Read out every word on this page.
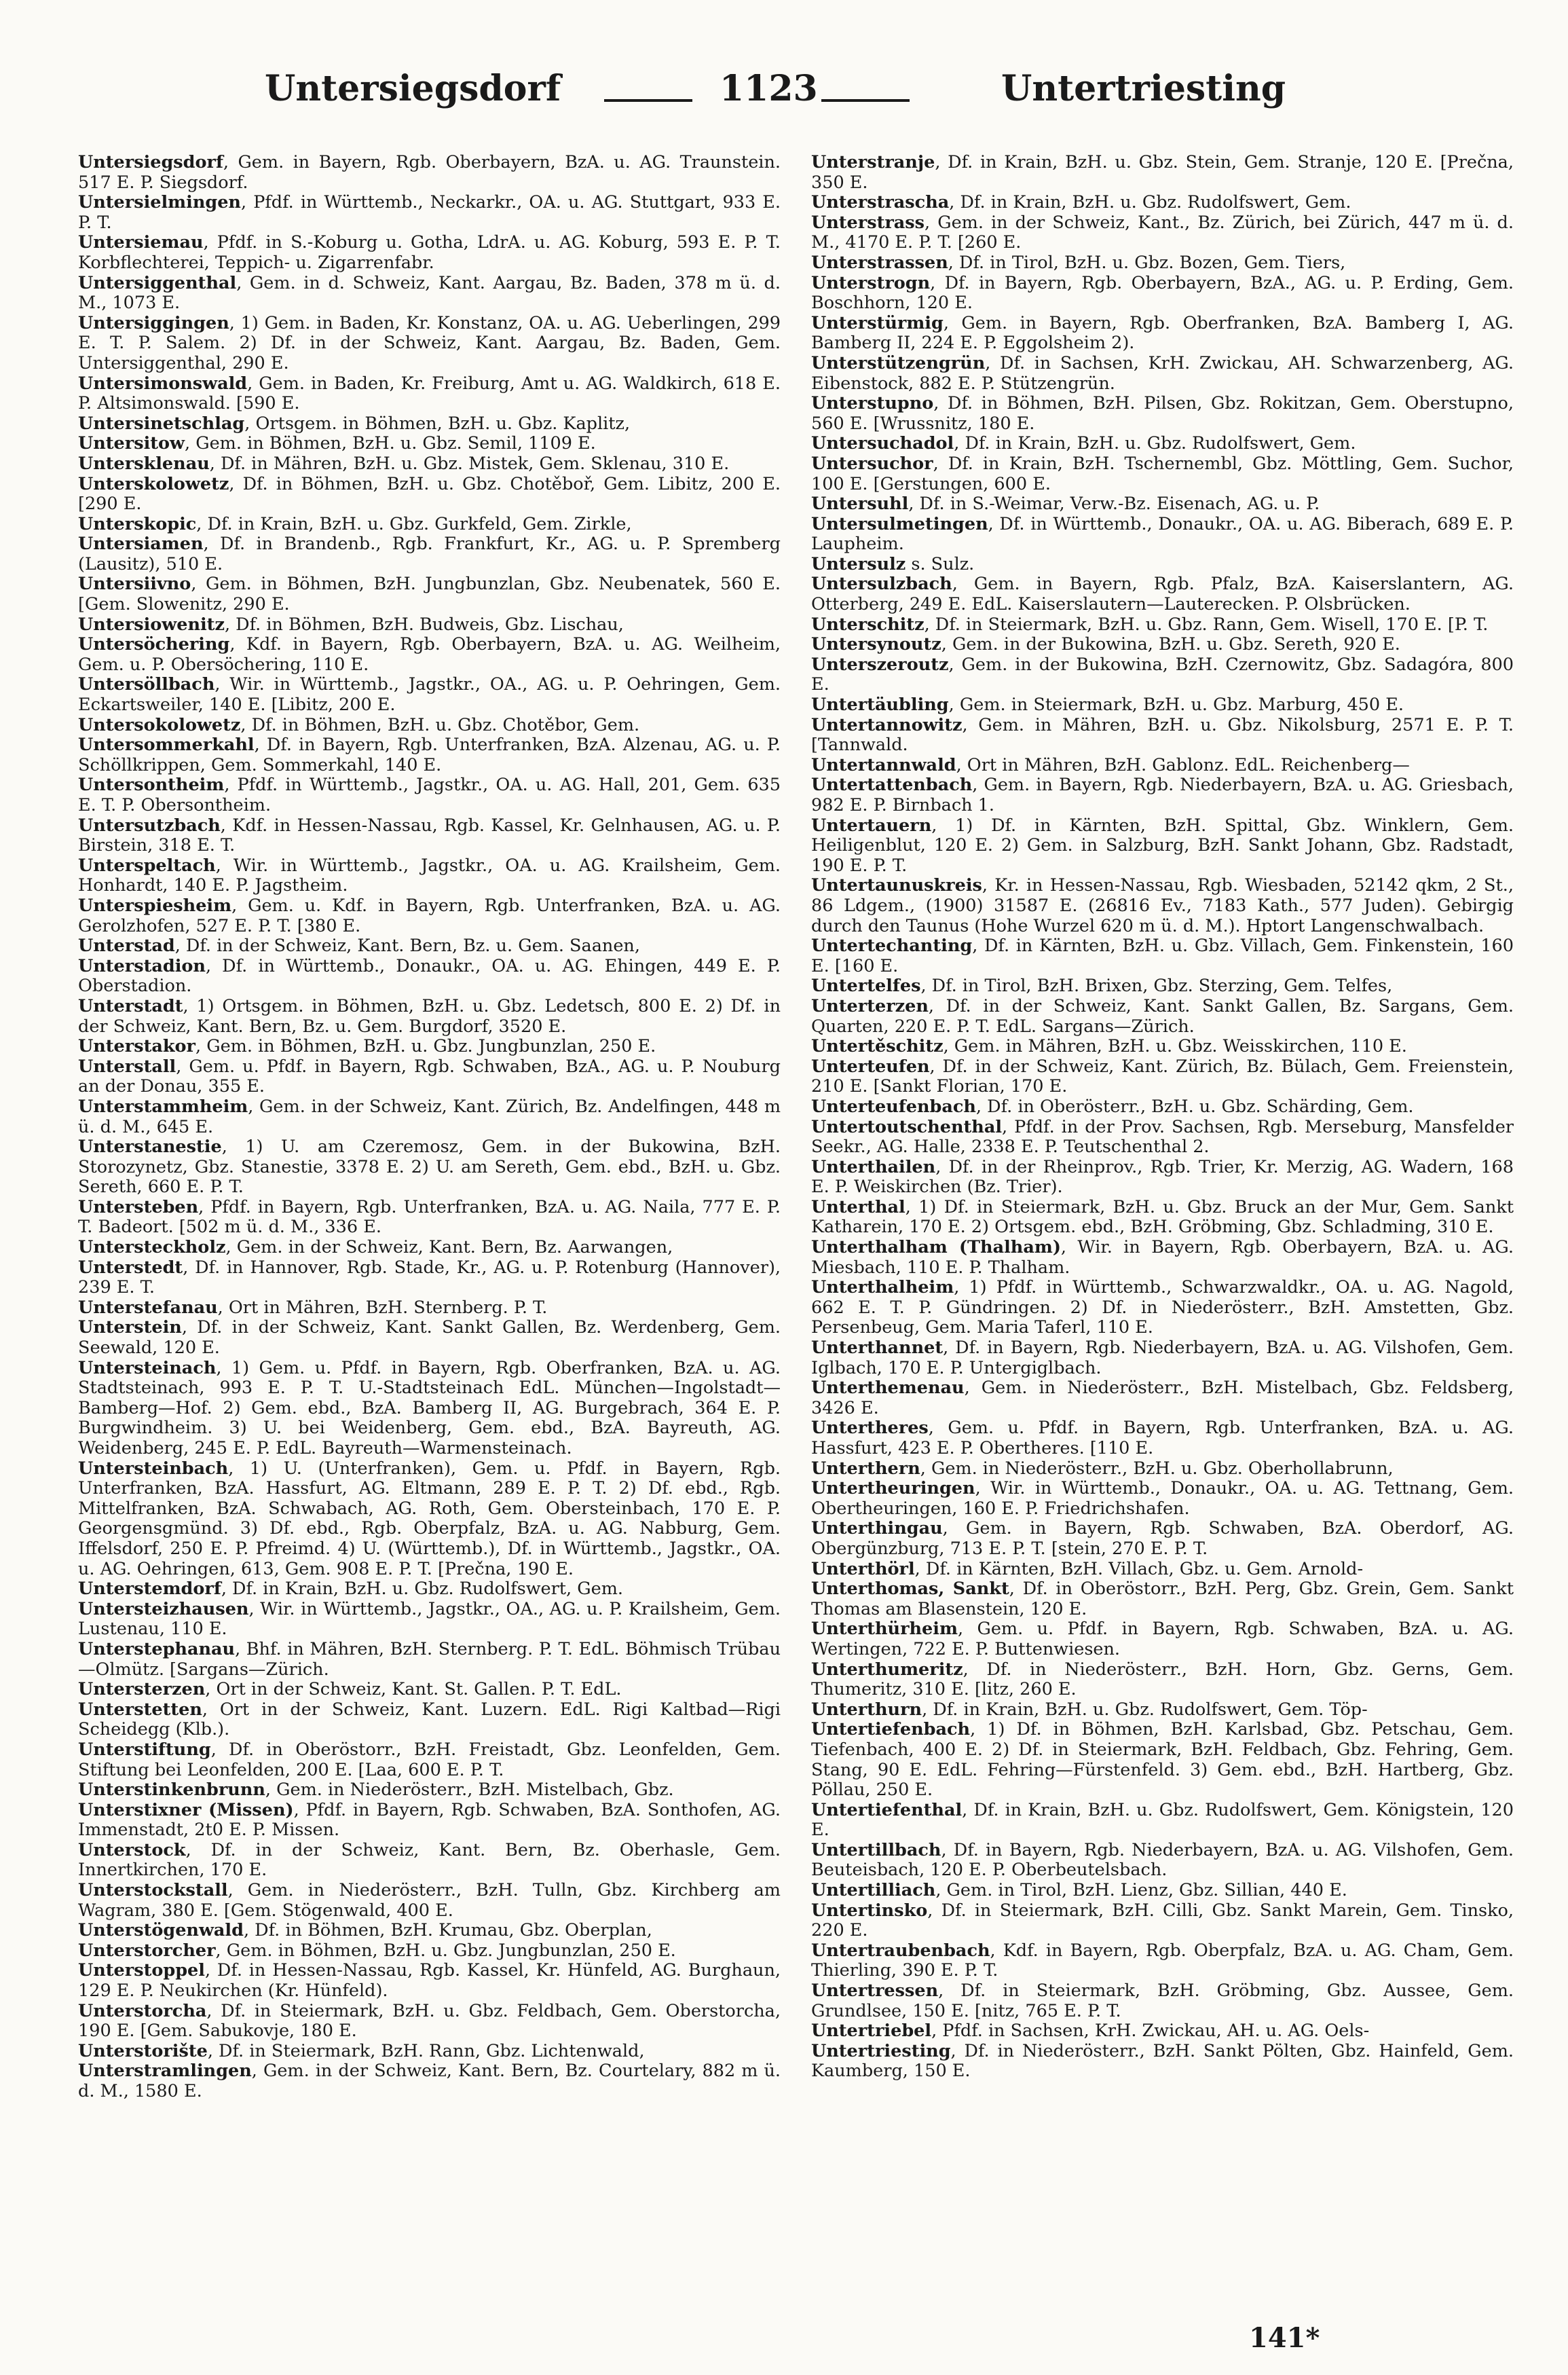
Untersiegsdorf	1123	Untertriesting

Untersiegsdorf, Gem. in Bayern, Rgb. Oberbayern, BzA. u. AG. Traunstein. 517 E. P. Siegsdorf.

Untersielmingen, Pfdf. in Württemb., Neckarkr., OA. u. AG. Stuttgart, 933 E. P. T.

Untersiemau, Pfdf. in S.-Koburg u. Gotha, LdrA. u. AG. Koburg, 593 E. P. T. Korbflechterei, Teppich- u. Zigarrenfabr.

Untersiggenthal, Gem. in d. Schweiz, Kant. Aargau, Bz. Baden, 378 m ü. d. M., 1073 E.

Untersiggingen, 1) Gem. in Baden, Kr. Konstanz, OA. u. AG. Ueberlingen, 299 E. T. P. Salem. 2) Df. in der Schweiz, Kant. Aargau, Bz. Baden, Gem. Untersiggenthal, 290 E.

Untersimonswald, Gem. in Baden, Kr. Freiburg, Amt u. AG. Waldkirch, 618 E. P. Altsimonswald. [590 E.

Untersinetschlag, Ortsgem. in Böhmen, BzH. u. Gbz. Kaplitz,

Untersitow, Gem. in Böhmen, BzH. u. Gbz. Semil, 1109 E.

Untersklenau, Df. in Mähren, BzH. u. Gbz. Mistek, Gem. Sklenau, 310 E.

Unterskolowetz, Df. in Böhmen, BzH. u. Gbz. Chotěboř, Gem. Libitz, 200 E. [290 E.

Unterskopic, Df. in Krain, BzH. u. Gbz. Gurkfeld, Gem. Zirkle,

Untersiamen, Df. in Brandenb., Rgb. Frankfurt, Kr., AG. u. P. Spremberg (Lausitz), 510 E.

Untersiivno, Gem. in Böhmen, BzH. Jungbunzlan, Gbz. Neubenatek, 560 E. [Gem. Slowenitz, 290 E.

Untersiowenitz, Df. in Böhmen, BzH. Budweis, Gbz. Lischau,

Untersöchering, Kdf. in Bayern, Rgb. Oberbayern, BzA. u. AG. Weilheim, Gem. u. P. Obersöchering, 110 E.

Untersöllbach, Wir. in Württemb., Jagstkr., OA., AG. u. P. Oehringen, Gem. Eckartsweiler, 140 E. [Libitz, 200 E.

Untersokolowetz, Df. in Böhmen, BzH. u. Gbz. Chotěbor, Gem.

Untersommerkahl, Df. in Bayern, Rgb. Unterfranken, BzA. Alzenau, AG. u. P. Schöllkrippen, Gem. Sommerkahl, 140 E.

Untersontheim, Pfdf. in Württemb., Jagstkr., OA. u. AG. Hall, 201, Gem. 635 E. T. P. Obersontheim.

Untersutzbach, Kdf. in Hessen-Nassau, Rgb. Kassel, Kr. Gelnhausen, AG. u. P. Birstein, 318 E. T.

Unterspeltach, Wir. in Württemb., Jagstkr., OA. u. AG. Krailsheim, Gem. Honhardt, 140 E. P. Jagstheim.

Unterspiesheim, Gem. u. Kdf. in Bayern, Rgb. Unterfranken, BzA. u. AG. Gerolzhofen, 527 E. P. T. [380 E.

Unterstad, Df. in der Schweiz, Kant. Bern, Bz. u. Gem. Saanen,

Unterstadion, Df. in Württemb., Donaukr., OA. u. AG. Ehingen, 449 E. P. Oberstadion.

Unterstadt, 1) Ortsgem. in Böhmen, BzH. u. Gbz. Ledetsch, 800 E. 2) Df. in der Schweiz, Kant. Bern, Bz. u. Gem. Burgdorf, 3520 E.

Unterstakor, Gem. in Böhmen, BzH. u. Gbz. Jungbunzlan, 250 E.

Unterstall, Gem. u. Pfdf. in Bayern, Rgb. Schwaben, BzA., AG. u. P. Nouburg an der Donau, 355 E.

Unterstammheim, Gem. in der Schweiz, Kant. Zürich, Bz. Andelfingen, 448 m ü. d. M., 645 E.

Unterstanestie, 1) U. am Czeremosz, Gem. in der Bukowina, BzH. Storozynetz, Gbz. Stanestie, 3378 E. 2) U. am Sereth, Gem. ebd., BzH. u. Gbz. Sereth, 660 E. P. T.

Untersteben, Pfdf. in Bayern, Rgb. Unterfranken, BzA. u. AG. Naila, 777 E. P. T. Badeort. [502 m ü. d. M., 336 E.

Untersteckholz, Gem. in der Schweiz, Kant. Bern, Bz. Aarwangen,

Unterstedt, Df. in Hannover, Rgb. Stade, Kr., AG. u. P. Rotenburg (Hannover), 239 E. T.

Unterstefanau, Ort in Mähren, BzH. Sternberg. P. T.

Unterstein, Df. in der Schweiz, Kant. Sankt Gallen, Bz. Werdenberg, Gem. Seewald, 120 E.

Untersteinach, 1) Gem. u. Pfdf. in Bayern, Rgb. Oberfranken, BzA. u. AG. Stadtsteinach, 993 E. P. T. U.-Stadtsteinach EdL. München—Ingolstadt—Bamberg—Hof. 2) Gem. ebd., BzA. Bamberg II, AG. Burgebrach, 364 E. P. Burgwindheim. 3) U. bei Weidenberg, Gem. ebd., BzA. Bayreuth, AG. Weidenberg, 245 E. P. EdL. Bayreuth—Warmensteinach.

Untersteinbach, 1) U. (Unterfranken), Gem. u. Pfdf. in Bayern, Rgb. Unterfranken, BzA. Hassfurt, AG. Eltmann, 289 E. P. T. 2) Df. ebd., Rgb. Mittelfranken, BzA. Schwabach, AG. Roth, Gem. Obersteinbach, 170 E. P. Georgensgmünd. 3) Df. ebd., Rgb. Oberpfalz, BzA. u. AG. Nabburg, Gem. Iffelsdorf, 250 E. P. Pfreimd. 4) U. (Württemb.), Df. in Württemb., Jagstkr., OA. u. AG. Oehringen, 613, Gem. 908 E. P. T. [Prečna, 190 E.

Unterstemdorf, Df. in Krain, BzH. u. Gbz. Rudolfswert, Gem.

Untersteizhausen, Wir. in Württemb., Jagstkr., OA., AG. u. P. Krailsheim, Gem. Lustenau, 110 E.

Unterstephanau, Bhf. in Mähren, BzH. Sternberg. P. T. EdL. Böhmisch Trübau—Olmütz. [Sargans—Zürich.

Untersterzen, Ort in der Schweiz, Kant. St. Gallen. P. T. EdL.

Unterstetten, Ort in der Schweiz, Kant. Luzern. EdL. Rigi Kaltbad—Rigi Scheidegg (Klb.).

Unterstiftung, Df. in Oberöstorr., BzH. Freistadt, Gbz. Leonfelden, Gem. Stiftung bei Leonfelden, 200 E. [Laa, 600 E. P. T.

Unterstinkenbrunn, Gem. in Niederösterr., BzH. Mistelbach, Gbz.

Unterstixner (Missen), Pfdf. in Bayern, Rgb. Schwaben, BzA. Sonthofen, AG. Immenstadt, 2t0 E. P. Missen.

Unterstock, Df. in der Schweiz, Kant. Bern, Bz. Oberhasle, Gem. Innertkirchen, 170 E.

Unterstockstall, Gem. in Niederösterr., BzH. Tulln, Gbz. Kirchberg am Wagram, 380 E. [Gem. Stögenwald, 400 E.

Unterstögenwald, Df. in Böhmen, BzH. Krumau, Gbz. Oberplan,

Unterstorcher, Gem. in Böhmen, BzH. u. Gbz. Jungbunzlan, 250 E.

Unterstoppel, Df. in Hessen-Nassau, Rgb. Kassel, Kr. Hünfeld, AG. Burghaun, 129 E. P. Neukirchen (Kr. Hünfeld).

Unterstorcha, Df. in Steiermark, BzH. u. Gbz. Feldbach, Gem. Oberstorcha, 190 E. [Gem. Sabukovje, 180 E.

Unterstorište, Df. in Steiermark, BzH. Rann, Gbz. Lichtenwald,

Unterstramlingen, Gem. in der Schweiz, Kant. Bern, Bz. Courtelary, 882 m ü. d. M., 1580 E.

Unterstranje, Df. in Krain, BzH. u. Gbz. Stein, Gem. Stranje, 120 E. [Prečna, 350 E.

Unterstrascha, Df. in Krain, BzH. u. Gbz. Rudolfswert, Gem.

Unterstrass, Gem. in der Schweiz, Kant., Bz. Zürich, bei Zürich, 447 m ü. d. M., 4170 E. P. T. [260 E.

Unterstrassen, Df. in Tirol, BzH. u. Gbz. Bozen, Gem. Tiers,

Unterstrogn, Df. in Bayern, Rgb. Oberbayern, BzA., AG. u. P. Erding, Gem. Boschhorn, 120 E.

Unterstürmig, Gem. in Bayern, Rgb. Oberfranken, BzA. Bamberg I, AG. Bamberg II, 224 E. P. Eggolsheim 2).

Unterstützengrün, Df. in Sachsen, KrH. Zwickau, AH. Schwarzenberg, AG. Eibenstock, 882 E. P. Stützengrün.

Unterstupno, Df. in Böhmen, BzH. Pilsen, Gbz. Rokitzan, Gem. Oberstupno, 560 E. [Wrussnitz, 180 E.

Untersuchadol, Df. in Krain, BzH. u. Gbz. Rudolfswert, Gem.

Untersuchor, Df. in Krain, BzH. Tschernembl, Gbz. Möttling, Gem. Suchor, 100 E. [Gerstungen, 600 E.

Untersuhl, Df. in S.-Weimar, Verw.-Bz. Eisenach, AG. u. P.

Untersulmetingen, Df. in Württemb., Donaukr., OA. u. AG. Biberach, 689 E. P. Laupheim.

Untersulz s. Sulz.

Untersulzbach, Gem. in Bayern, Rgb. Pfalz, BzA. Kaiserslantern, AG. Otterberg, 249 E. EdL. Kaiserslautern—Lauterecken. P. Olsbrücken.

Unterschitz, Df. in Steiermark, BzH. u. Gbz. Rann, Gem. Wisell, 170 E. [P. T.

Untersynoutz, Gem. in der Bukowina, BzH. u. Gbz. Sereth, 920 E.

Unterszeroutz, Gem. in der Bukowina, BzH. Czernowitz, Gbz. Sadagóra, 800 E.

Untertäubling, Gem. in Steiermark, BzH. u. Gbz. Marburg, 450 E.

Untertannowitz, Gem. in Mähren, BzH. u. Gbz. Nikolsburg, 2571 E. P. T. [Tannwald.

Untertannwald, Ort in Mähren, BzH. Gablonz. EdL. Reichenberg—

Untertattenbach, Gem. in Bayern, Rgb. Niederbayern, BzA. u. AG. Griesbach, 982 E. P. Birnbach 1.

Untertauern, 1) Df. in Kärnten, BzH. Spittal, Gbz. Winklern, Gem. Heiligenblut, 120 E. 2) Gem. in Salzburg, BzH. Sankt Johann, Gbz. Radstadt, 190 E. P. T.

Untertaunuskreis, Kr. in Hessen-Nassau, Rgb. Wiesbaden, 52142 qkm, 2 St., 86 Ldgem., (1900) 31587 E. (26816 Ev., 7183 Kath., 577 Juden). Gebirgig durch den Taunus (Hohe Wurzel 620 m ü. d. M.). Hptort Langenschwalbach.

Untertechanting, Df. in Kärnten, BzH. u. Gbz. Villach, Gem. Finkenstein, 160 E. [160 E.

Untertelfes, Df. in Tirol, BzH. Brixen, Gbz. Sterzing, Gem. Telfes,

Unterterzen, Df. in der Schweiz, Kant. Sankt Gallen, Bz. Sargans, Gem. Quarten, 220 E. P. T. EdL. Sargans—Zürich.

Untertěschitz, Gem. in Mähren, BzH. u. Gbz. Weisskirchen, 110 E.

Unterteufen, Df. in der Schweiz, Kant. Zürich, Bz. Bülach, Gem. Freienstein, 210 E. [Sankt Florian, 170 E.

Unterteufenbach, Df. in Oberösterr., BzH. u. Gbz. Schärding, Gem.

Untertoutschenthal, Pfdf. in der Prov. Sachsen, Rgb. Merseburg, Mansfelder Seekr., AG. Halle, 2338 E. P. Teutschenthal 2.

Unterthailen, Df. in der Rheinprov., Rgb. Trier, Kr. Merzig, AG. Wadern, 168 E. P. Weiskirchen (Bz. Trier).

Unterthal, 1) Df. in Steiermark, BzH. u. Gbz. Bruck an der Mur, Gem. Sankt Katharein, 170 E. 2) Ortsgem. ebd., BzH. Gröbming, Gbz. Schladming, 310 E.

Unterthalham (Thalham), Wir. in Bayern, Rgb. Oberbayern, BzA. u. AG. Miesbach, 110 E. P. Thalham.

Unterthalheim, 1) Pfdf. in Württemb., Schwarzwaldkr., OA. u. AG. Nagold, 662 E. T. P. Gündringen. 2) Df. in Niederösterr., BzH. Amstetten, Gbz. Persenbeug, Gem. Maria Taferl, 110 E.

Unterthannet, Df. in Bayern, Rgb. Niederbayern, BzA. u. AG. Vilshofen, Gem. Iglbach, 170 E. P. Untergiglbach.

Unterthemenau, Gem. in Niederösterr., BzH. Mistelbach, Gbz. Feldsberg, 3426 E.

Untertheres, Gem. u. Pfdf. in Bayern, Rgb. Unterfranken, BzA. u. AG. Hassfurt, 423 E. P. Obertheres. [110 E.

Unterthern, Gem. in Niederösterr., BzH. u. Gbz. Oberhollabrunn,

Untertheuringen, Wir. in Württemb., Donaukr., OA. u. AG. Tettnang, Gem. Obertheuringen, 160 E. P. Friedrichshafen.

Unterthingau, Gem. in Bayern, Rgb. Schwaben, BzA. Oberdorf, AG. Obergünzburg, 713 E. P. T. [stein, 270 E. P. T.

Unterthörl, Df. in Kärnten, BzH. Villach, Gbz. u. Gem. Arnold-

Unterthomas, Sankt, Df. in Oberöstorr., BzH. Perg, Gbz. Grein, Gem. Sankt Thomas am Blasenstein, 120 E.

Unterthürheim, Gem. u. Pfdf. in Bayern, Rgb. Schwaben, BzA. u. AG. Wertingen, 722 E. P. Buttenwiesen.

Unterthumeritz, Df. in Niederösterr., BzH. Horn, Gbz. Gerns, Gem. Thumeritz, 310 E. [litz, 260 E.

Unterthurn, Df. in Krain, BzH. u. Gbz. Rudolfswert, Gem. Töp-

Untertiefenbach, 1) Df. in Böhmen, BzH. Karlsbad, Gbz. Petschau, Gem. Tiefenbach, 400 E. 2) Df. in Steiermark, BzH. Feldbach, Gbz. Fehring, Gem. Stang, 90 E. EdL. Fehring—Fürstenfeld. 3) Gem. ebd., BzH. Hartberg, Gbz. Pöllau, 250 E.

Untertiefenthal, Df. in Krain, BzH. u. Gbz. Rudolfswert, Gem. Königstein, 120 E.

Untertillbach, Df. in Bayern, Rgb. Niederbayern, BzA. u. AG. Vilshofen, Gem. Beuteisbach, 120 E. P. Oberbeutelsbach.

Untertilliach, Gem. in Tirol, BzH. Lienz, Gbz. Sillian, 440 E.

Untertinsko, Df. in Steiermark, BzH. Cilli, Gbz. Sankt Marein, Gem. Tinsko, 220 E.

Untertraubenbach, Kdf. in Bayern, Rgb. Oberpfalz, BzA. u. AG. Cham, Gem. Thierling, 390 E. P. T.

Untertressen, Df. in Steiermark, BzH. Gröbming, Gbz. Aussee, Gem. Grundlsee, 150 E. [nitz, 765 E. P. T.

Untertriebel, Pfdf. in Sachsen, KrH. Zwickau, AH. u. AG. Oels-

Untertriesting, Df. in Niederösterr., BzH. Sankt Pölten, Gbz. Hainfeld, Gem. Kaumberg, 150 E.

141*
